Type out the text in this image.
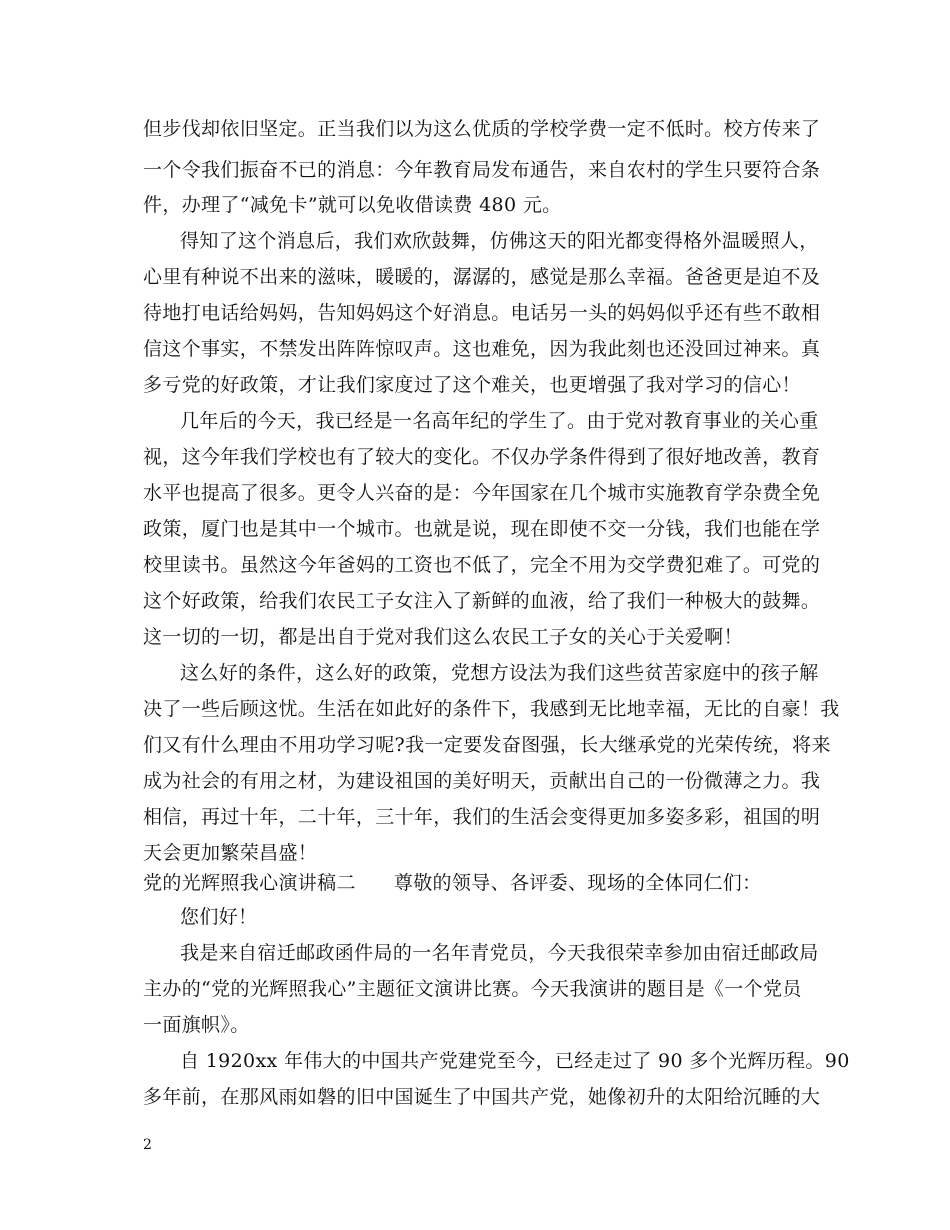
但步伐却依旧坚定。正当我们以为这么优质的学校学费一定不低时。校方传来了
一个令我们振奋不已的消息：今年教育局发布通告，来自农村的学生只要符合条
件，办理了“减免卡”就可以免收借读费 480 元。
得知了这个消息后，我们欢欣鼓舞，仿佛这天的阳光都变得格外温暖照人，
心里有种说不出来的滋味，暖暖的，潺潺的，感觉是那么幸福。爸爸更是迫不及
待地打电话给妈妈，告知妈妈这个好消息。电话另一头的妈妈似乎还有些不敢相
信这个事实，不禁发出阵阵惊叹声。这也难免，因为我此刻也还没回过神来。真
多亏党的好政策，才让我们家度过了这个难关，也更增强了我对学习的信心！
几年后的今天，我已经是一名高年纪的学生了。由于党对教育事业的关心重
视，这今年我们学校也有了较大的变化。不仅办学条件得到了很好地改善，教育
水平也提高了很多。更令人兴奋的是：今年国家在几个城市实施教育学杂费全免
政策，厦门也是其中一个城市。也就是说，现在即使不交一分钱，我们也能在学
校里读书。虽然这今年爸妈的工资也不低了，完全不用为交学费犯难了。可党的
这个好政策，给我们农民工子女注入了新鲜的血液，给了我们一种极大的鼓舞。
这一切的一切，都是出自于党对我们这么农民工子女的关心于关爱啊！
这么好的条件，这么好的政策，党想方设法为我们这些贫苦家庭中的孩子解
决了一些后顾这忧。生活在如此好的条件下，我感到无比地幸福，无比的自豪！我
们又有什么理由不用功学习呢?我一定要发奋图强，长大继承党的光荣传统，将来
成为社会的有用之材，为建设祖国的美好明天，贡献出自己的一份微薄之力。我
相信，再过十年，二十年，三十年，我们的生活会变得更加多姿多彩，祖国的明
天会更加繁荣昌盛！
党的光辉照我心演讲稿二 尊敬的领导、各评委、现场的全体同仁们：
您们好！
我是来自宿迁邮政函件局的一名年青党员，今天我很荣幸参加由宿迁邮政局
主办的“党的光辉照我心”主题征文演讲比赛。今天我演讲的题目是《一个党员
一面旗帜》。
自 1920xx 年伟大的中国共产党建党至今，已经走过了 90 多个光辉历程。90
多年前，在那风雨如磐的旧中国诞生了中国共产党，她像初升的太阳给沉睡的大
2
